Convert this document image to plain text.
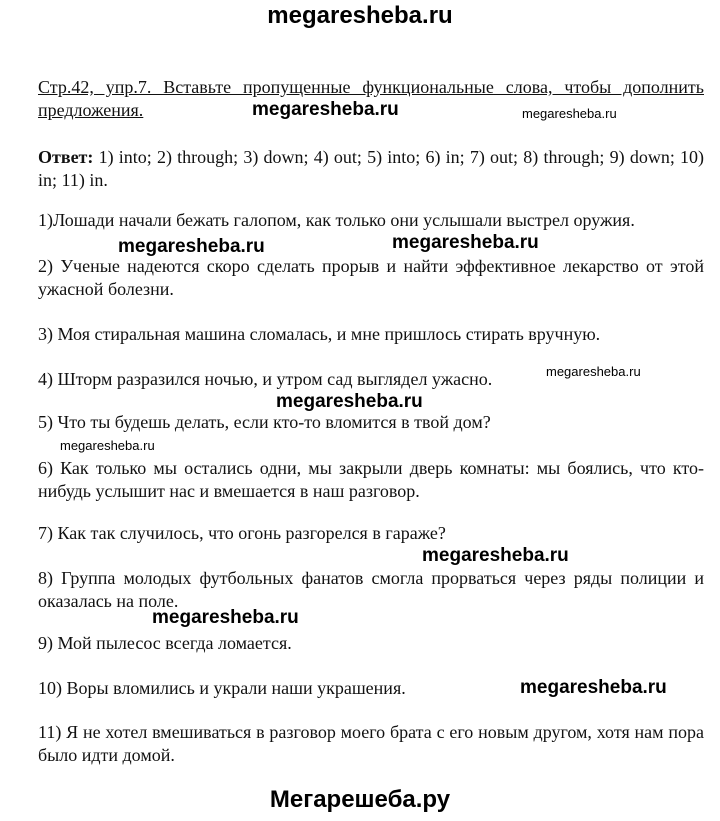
megaresheba.ru
Стр.42, упр.7. Вставьте пропущенные функциональные слова, чтобы дополнить предложения.
Ответ: 1) into; 2) through; 3) down; 4) out; 5) into; 6) in; 7) out; 8) through; 9) down; 10) in; 11) in.
1)Лошади начали бежать галопом, как только они услышали выстрел оружия.
2) Ученые надеются скоро сделать прорыв и найти эффективное лекарство от этой ужасной болезни.
3) Моя стиральная машина сломалась, и мне пришлось стирать вручную.
4) Шторм разразился ночью, и утром сад выглядел ужасно.
5) Что ты будешь делать, если кто-то вломится в твой дом?
6) Как только мы остались одни, мы закрыли дверь комнаты: мы боялись, что кто-нибудь услышит нас и вмешается в наш разговор.
7) Как так случилось, что огонь разгорелся в гараже?
8) Группа молодых футбольных фанатов смогла прорваться через ряды полиции и оказалась на поле.
9) Мой пылесос всегда ломается.
10) Воры вломились и украли наши украшения.
11) Я не хотел вмешиваться в разговор моего брата с его новым другом, хотя нам пора было идти домой.
megaresheba.ru	megaresheba.ru
megaresheba.ru	megaresheba.ru
megaresheba.ru
megaresheba.ru
megaresheba.ru
megaresheba.ru
megaresheba.ru
megaresheba.ru
Мегарешеба.ру
